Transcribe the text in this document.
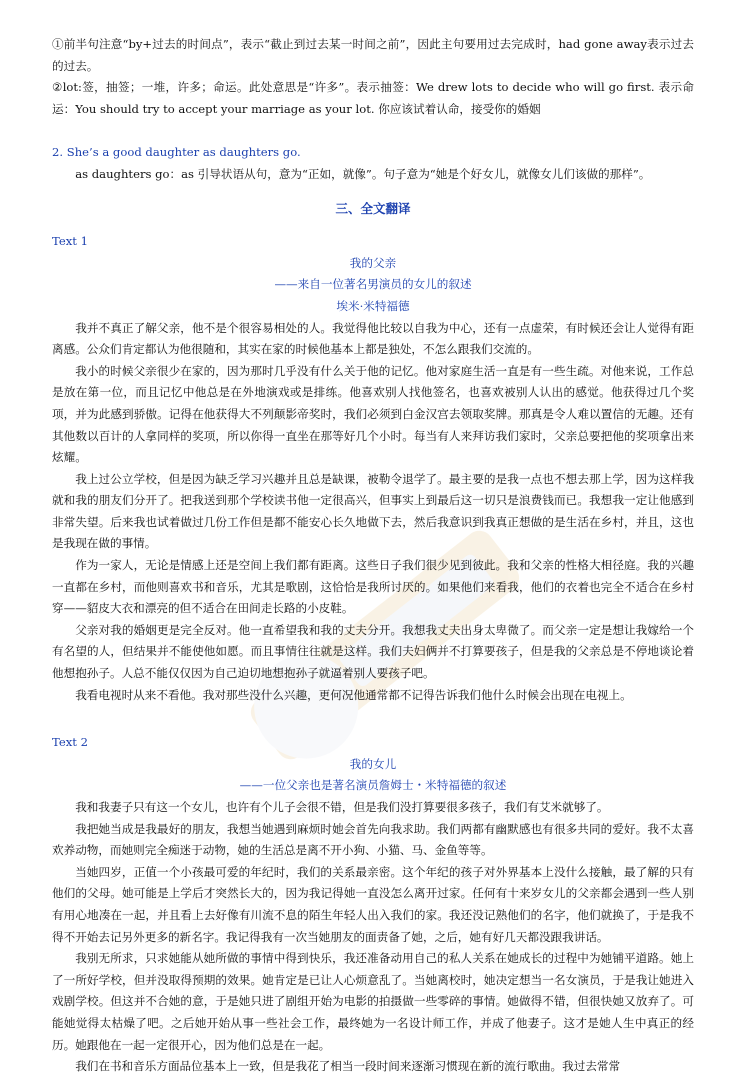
①前半句注意“by+过去的时间点”，表示“截止到过去某一时间之前”，因此主句要用过去完成时，had gone away表示过去的过去。

②lot:签，抽签；一堆，许多；命运。此处意思是“许多”。表示抽签：We drew lots to decide who will go first. 表示命运：You should try to accept your marriage as your lot. 你应该试着认命，接受你的婚姻

2. She’s a good daughter as daughters go.

as daughters go：as 引导状语从句，意为“正如，就像”。句子意为“她是个好女儿，就像女儿们该做的那样”。

三、全文翻译

Text 1

我的父亲

——来自一位著名男演员的女儿的叙述

埃米·米特福德

我并不真正了解父亲，他不是个很容易相处的人。我觉得他比较以自我为中心，还有一点虚荣，有时候还会让人觉得有距离感。公众们肯定都认为他很随和，其实在家的时候他基本上都是独处，不怎么跟我们交流的。

我小的时候父亲很少在家的，因为那时几乎没有什么关于他的记忆。他对家庭生活一直是有一些生疏。对他来说，工作总是放在第一位，而且记忆中他总是在外地演戏或是排练。他喜欢别人找他签名，也喜欢被别人认出的感觉。他获得过几个奖项，并为此感到骄傲。记得在他获得大不列颠影帝奖时，我们必须到白金汉宫去领取奖牌。那真是令人难以置信的无趣。还有其他数以百计的人拿同样的奖项，所以你得一直坐在那等好几个小时。每当有人来拜访我们家时，父亲总要把他的奖项拿出来炫耀。

我上过公立学校，但是因为缺乏学习兴趣并且总是缺课，被勒令退学了。最主要的是我一点也不想去那上学，因为这样我就和我的朋友们分开了。把我送到那个学校读书他一定很高兴，但事实上到最后这一切只是浪费钱而已。我想我一定让他感到非常失望。后来我也试着做过几份工作但是都不能安心长久地做下去，然后我意识到我真正想做的是生活在乡村，并且，这也是我现在做的事情。

作为一家人，无论是情感上还是空间上我们都有距离。这些日子我们很少见到彼此。我和父亲的性格大相径庭。我的兴趣一直都在乡村，而他则喜欢书和音乐，尤其是歌剧，这恰恰是我所讨厌的。如果他们来看我，他们的衣着也完全不适合在乡村穿——貂皮大衣和漂亮的但不适合在田间走长路的小皮鞋。

父亲对我的婚姻更是完全反对。他一直希望我和我的丈夫分开。我想我丈夫出身太卑微了。而父亲一定是想让我嫁给一个有名望的人，但结果并不能使他如愿。而且事情往往就是这样。我们夫妇俩并不打算要孩子，但是我的父亲总是不停地谈论着他想抱孙子。人总不能仅仅因为自己迫切地想抱孙子就逼着别人要孩子吧。

我看电视时从来不看他。我对那些没什么兴趣，更何况他通常都不记得告诉我们他什么时候会出现在电视上。

Text 2

我的女儿

——一位父亲也是著名演员詹姆士・米特福德的叙述

我和我妻子只有这一个女儿，也许有个儿子会很不错，但是我们没打算要很多孩子，我们有艾米就够了。

我把她当成是我最好的朋友，我想当她遇到麻烦时她会首先向我求助。我们两都有幽默感也有很多共同的爱好。我不太喜欢养动物，而她则完全痴迷于动物，她的生活总是离不开小狗、小猫、马、金鱼等等。

当她四岁，正值一个小孩最可爱的年纪时，我们的关系最亲密。这个年纪的孩子对外界基本上没什么接触，最了解的只有他们的父母。她可能是上学后才突然长大的，因为我记得她一直没怎么离开过家。任何有十来岁女儿的父亲都会遇到一些人别有用心地凑在一起，并且看上去好像有川流不息的陌生年轻人出入我们的家。我还没记熟他们的名字，他们就换了，于是我不得不开始去记另外更多的新名字。我记得我有一次当她朋友的面责备了她，之后，她有好几天都没跟我讲话。

我别无所求，只求她能从她所做的事情中得到快乐，我还准备动用自己的私人关系在她成长的过程中为她铺平道路。她上了一所好学校，但并没取得预期的效果。她肯定是已让人心烦意乱了。当她离校时，她决定想当一名女演员，于是我让她进入戏剧学校。但这并不合她的意，于是她只进了剧组开始为电影的拍摄做一些零碎的事情。她做得不错，但很快她又放弃了。可能她觉得太枯燥了吧。之后她开始从事一些社会工作，最终她为一名设计师工作，并成了他妻子。这才是她人生中真正的经历。她跟他在一起一定很开心，因为他们总是在一起。

我们在书和音乐方面品位基本上一致，但是我花了相当一段时间来逐渐习惯现在新的流行歌曲。我过去常常
